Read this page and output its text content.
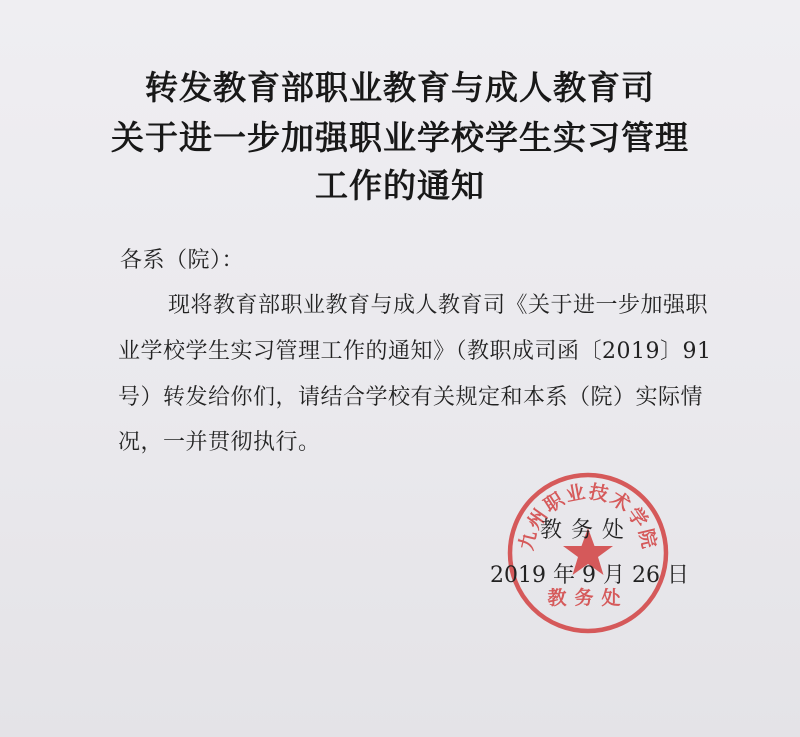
转发教育部职业教育与成人教育司
关于进一步加强职业学校学生实习管理
工作的通知
各系（院）：
现将教育部职业教育与成人教育司《关于进一步加强职
业学校学生实习管理工作的通知》（教职成司函〔2019〕91
号）转发给你们，请结合学校有关规定和本系（院）实际情
况，一并贯彻执行。
九州职业技术学院
教务处
教务处
2019 年 9 月 26 日
